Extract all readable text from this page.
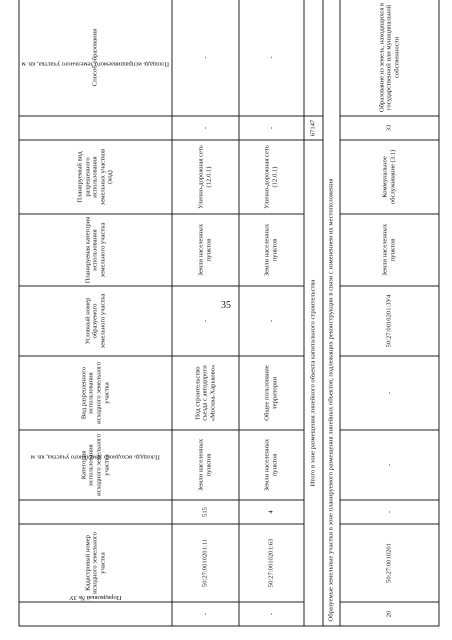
35
Порядковый № ЗУ	Кадастровый номер исходного земельного участка	Площадь исходного земельного участка, кв. м	Категория использования исходного земельного участка	Вид разрешенного использования исходного земельного участка	Условный номер образуемого земельного участка	Планируемая категория использования земельного участка	Планируемый вид разрешенного использования земельных участков (код)	Площадь испрашиваемого земельного участка, кв. м	Способ образования
-	50:27:0010201:11	515	Земли населенных пунктов	Под строительство съезда с автодороги «Москва-Харьково»	-	Земли населенных пунктов	Улично-дорожная сеть (12.0.1)	-	-
-	50:27:0010201:63	4	Земли населенных пунктов	Общее пользование территории	-	Земли населенных пунктов	Улично-дорожная сеть (12.0.1)	-	-
Итого в зоне размещения линейного объекта капитального строительства								67147	
Образуемые земельные участки в зоне планируемого размещения линейных объектов, подлежащих реконструкции в связи с изменением их местоположения									
20	50:27:0010201	-	-	-	50:27:0010201:ЗУ4	Земли населенных пунктов	Коммунальное обслуживание (3.1)	33	Образование из земель, находящихся в государственной или муниципальной собственности
